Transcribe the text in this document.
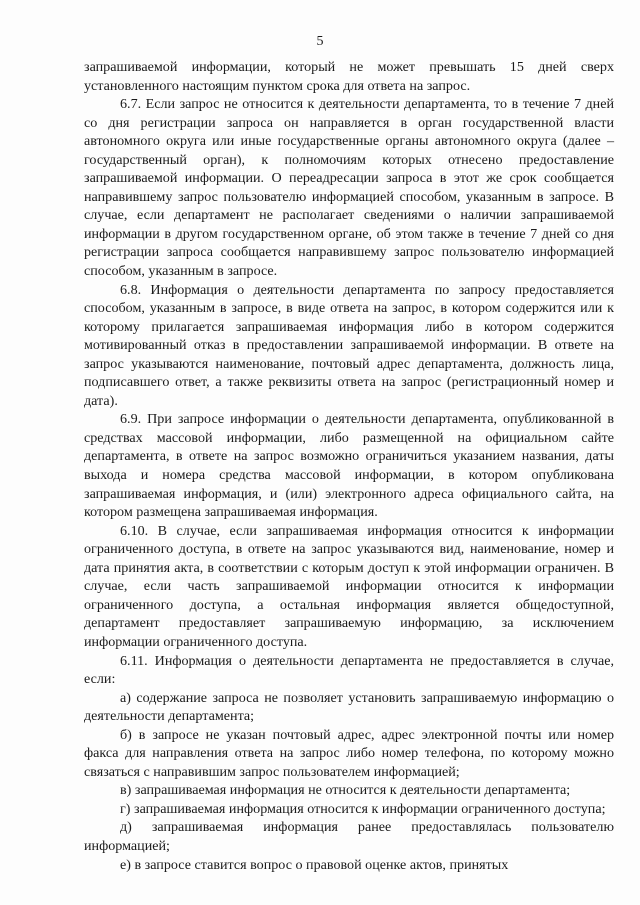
5

запрашиваемой информации, который не может превышать 15 дней сверх установленного настоящим пунктом срока для ответа на запрос.

6.7. Если запрос не относится к деятельности департамента, то в течение 7 дней со дня регистрации запроса он направляется в орган государственной власти автономного округа или иные государственные органы автономного округа (далее – государственный орган), к полномочиям которых отнесено предоставление запрашиваемой информации. О переадресации запроса в этот же срок сообщается направившему запрос пользователю информацией способом, указанным в запросе. В случае, если департамент не располагает сведениями о наличии запрашиваемой информации в другом государственном органе, об этом также в течение 7 дней со дня регистрации запроса сообщается направившему запрос пользователю информацией способом, указанным в запросе.

6.8. Информация о деятельности департамента по запросу предоставляется способом, указанным в запросе, в виде ответа на запрос, в котором содержится или к которому прилагается запрашиваемая информация либо в котором содержится мотивированный отказ в предоставлении запрашиваемой информации. В ответе на запрос указываются наименование, почтовый адрес департамента, должность лица, подписавшего ответ, а также реквизиты ответа на запрос (регистрационный номер и дата).

6.9. При запросе информации о деятельности департамента, опубликованной в средствах массовой информации, либо размещенной на официальном сайте департамента, в ответе на запрос возможно ограничиться указанием названия, даты выхода и номера средства массовой информации, в котором опубликована запрашиваемая информация, и (или) электронного адреса официального сайта, на котором размещена запрашиваемая информация.

6.10. В случае, если запрашиваемая информация относится к информации ограниченного доступа, в ответе на запрос указываются вид, наименование, номер и дата принятия акта, в соответствии с которым доступ к этой информации ограничен. В случае, если часть запрашиваемой информации относится к информации ограниченного доступа, а остальная информация является общедоступной, департамент предоставляет запрашиваемую информацию, за исключением информации ограниченного доступа.

6.11. Информация о деятельности департамента не предоставляется в случае, если:

а) содержание запроса не позволяет установить запрашиваемую информацию о деятельности департамента;

б) в запросе не указан почтовый адрес, адрес электронной почты или номер факса для направления ответа на запрос либо номер телефона, по которому можно связаться с направившим запрос пользователем информацией;

в) запрашиваемая информация не относится к деятельности департамента;

г) запрашиваемая информация относится к информации ограниченного доступа;

д) запрашиваемая информация ранее предоставлялась пользователю информацией;

е) в запросе ставится вопрос о правовой оценке актов, принятых
